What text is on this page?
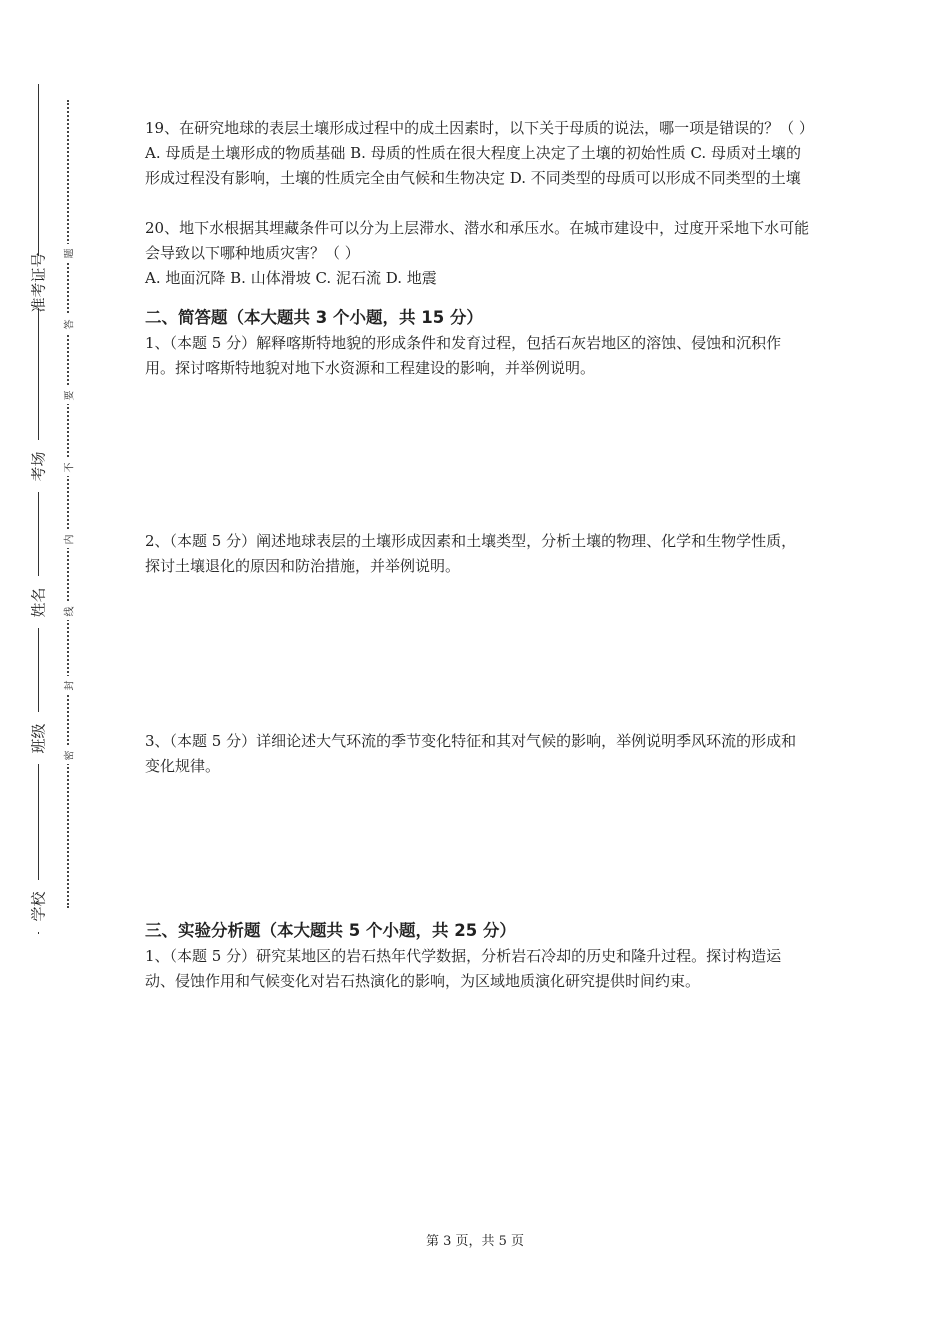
准考证号
考场
姓名
班级
学校
题
答
要
不
内
线
封
密

19、在研究地球的表层土壤形成过程中的成土因素时，以下关于母质的说法，哪一项是错误的？（ ）

A. 母质是土壤形成的物质基础 B. 母质的性质在很大程度上决定了土壤的初始性质 C. 母质对土壤的形成过程没有影响，土壤的性质完全由气候和生物决定 D. 不同类型的母质可以形成不同类型的土壤

20、地下水根据其埋藏条件可以分为上层滞水、潜水和承压水。在城市建设中，过度开采地下水可能会导致以下哪种地质灾害？（ ）

A. 地面沉降 B. 山体滑坡 C. 泥石流 D. 地震

二、简答题（本大题共 3 个小题，共 15 分）

1、（本题 5 分）解释喀斯特地貌的形成条件和发育过程，包括石灰岩地区的溶蚀、侵蚀和沉积作用。探讨喀斯特地貌对地下水资源和工程建设的影响，并举例说明。

2、（本题 5 分）阐述地球表层的土壤形成因素和土壤类型，分析土壤的物理、化学和生物学性质，探讨土壤退化的原因和防治措施，并举例说明。

3、（本题 5 分）详细论述大气环流的季节变化特征和其对气候的影响，举例说明季风环流的形成和变化规律。

三、实验分析题（本大题共 5 个小题，共 25 分）

1、（本题 5 分）研究某地区的岩石热年代学数据，分析岩石冷却的历史和隆升过程。探讨构造运动、侵蚀作用和气候变化对岩石热演化的影响，为区域地质演化研究提供时间约束。

第 3 页，共 5 页
